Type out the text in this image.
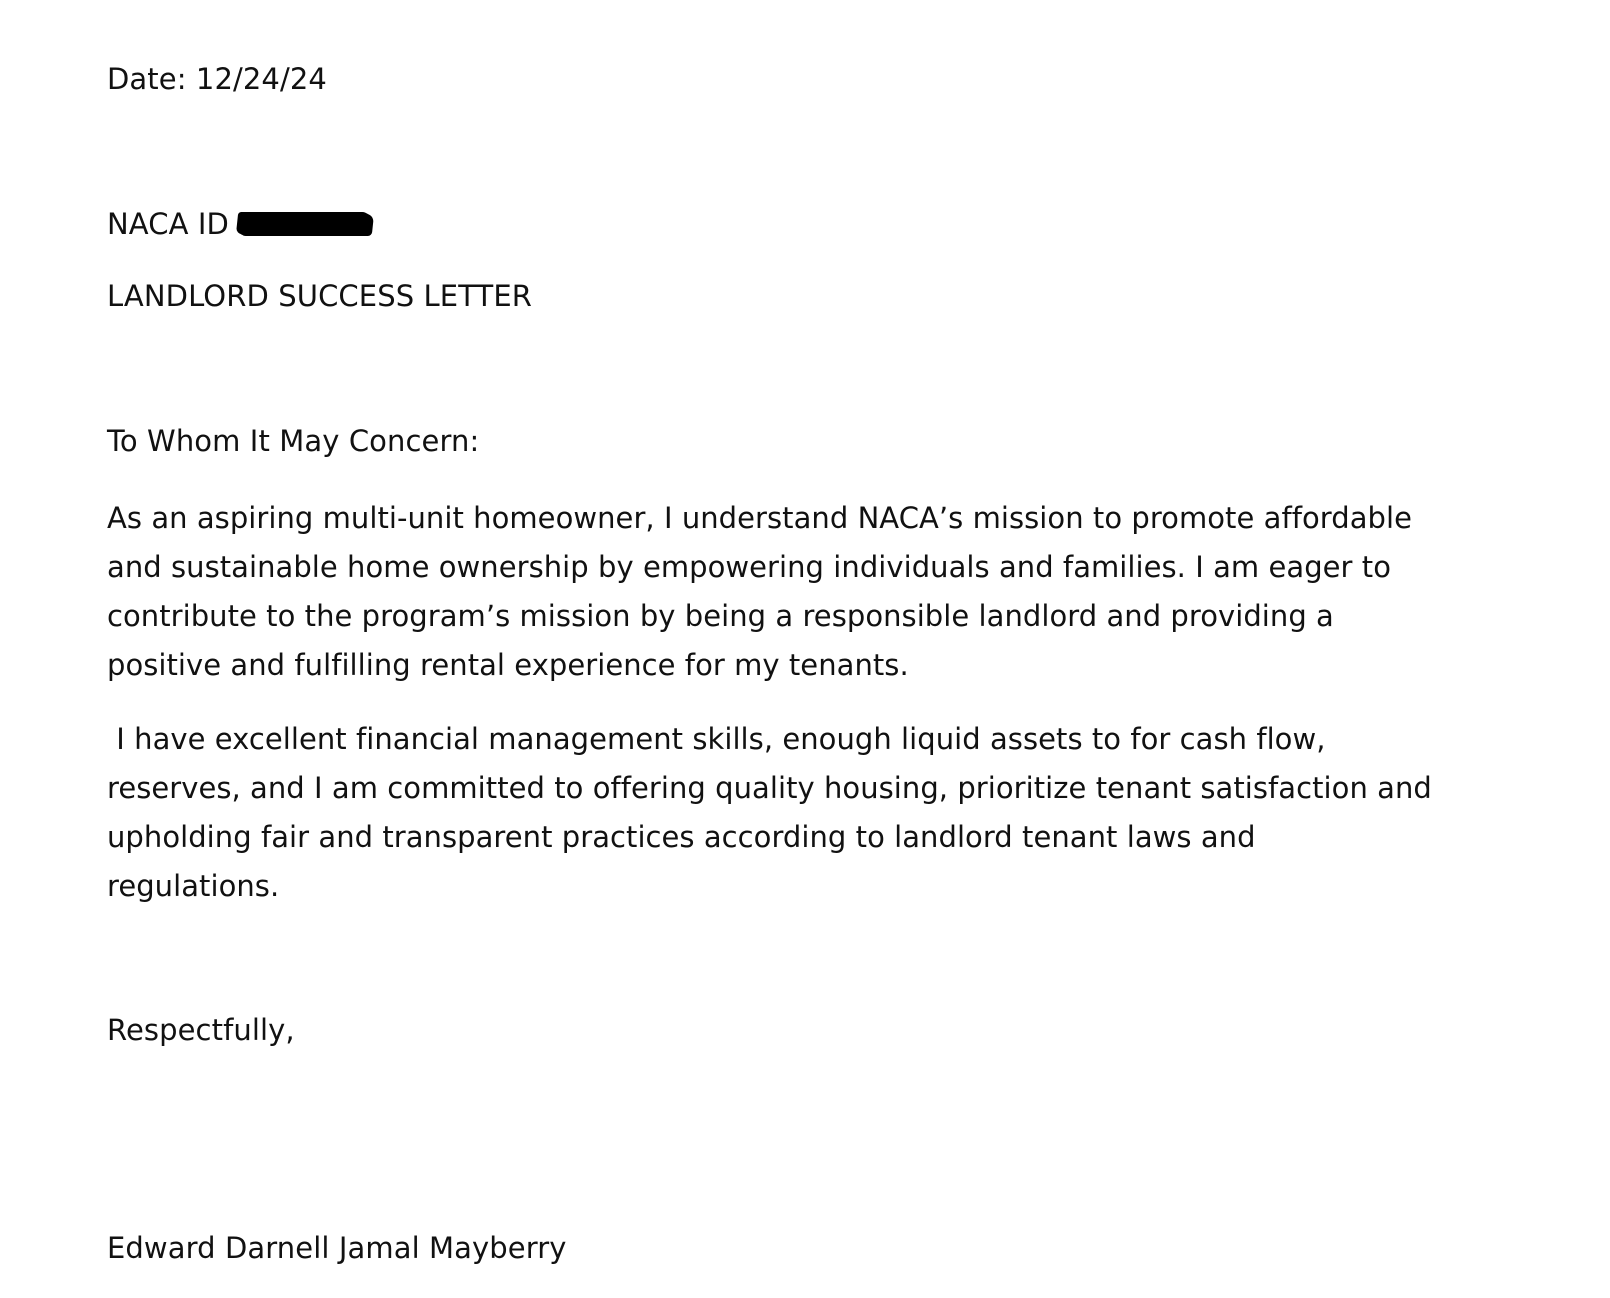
Date: 12/24/24
NACA ID
LANDLORD SUCCESS LETTER
To Whom It May Concern:
As an aspiring multi-unit homeowner, I understand NACA’s mission to promote affordable
and sustainable home ownership by empowering individuals and families. I am eager to
contribute to the program’s mission by being a responsible landlord and providing a
positive and fulfilling rental experience for my tenants.
I have excellent financial management skills, enough liquid assets to for cash flow,
reserves, and I am committed to offering quality housing, prioritize tenant satisfaction and
upholding fair and transparent practices according to landlord tenant laws and
regulations.
Respectfully,
Edward Darnell Jamal Mayberry
